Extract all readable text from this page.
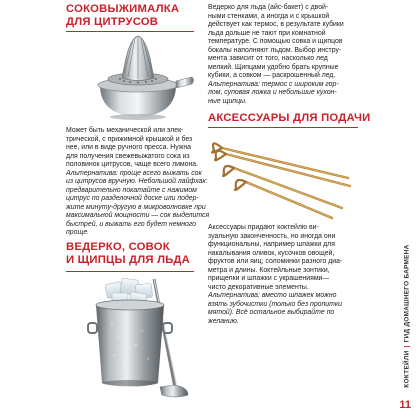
СОКОВЫЖИМАЛКА
ДЛЯ ЦИТРУСОВ
Может быть механической или элек-
трической, с прижимной крышкой и без
нее, или в виде ручного пресса. Нужна
для получения свежевыжатого сока из
половинок цитрусов, чаще всего лимона.
Альтернатива: проще всего выжать сок
из цитрусов вручную. Небольшой лайфхак:
предварительно покатайте с нажимом
цитрус по разделочной доске или подер-
жите минуту-другую в микроволновке при
максимальной мощности — сок выделится
быстрей, и выжать его будет немного
проще.
ВЕДЕРКО, СОВОК
И ЩИПЦЫ ДЛЯ ЛЬДА
Ведерко для льда (айс-бакет) с двой-
ными стенками, а иногда и с крышкой
действует как термос, в результате кубики
льда дольше не тают при комнатной
температуре. С помощью совка и щипцов
бокалы наполняют льдом. Выбор инстру-
мента зависит от того, насколько лед
мелкий. Щипцами удобно брать крупные
кубики, а совком — раскрошенный лед.
Альтернатива: термос с широким гор-
лом, суповая ложка и небольшие кухон-
ные щипцы.
АКСЕССУАРЫ ДЛЯ ПОДАЧИ
Аксессуары придают коктейлю ви-
зуальную законченность, но иногда они
функциональны, например шпажки для
накалывания оливок, кусочков овощей,
фруктов или яиц; соломинки разного диа-
метра и длины. Коктейльные зонтики,
прищепки и шпажки с украшениями—
чисто декоративные элементы.
Альтернатива: вместо шпажек можно
взять зубочистки (только без пропитки
мятой). Всё остальное выбирайте по
желанию.
КОКТЕЙЛИ|ГИД ДОМАШНЕГО БАРМЕНА
11
